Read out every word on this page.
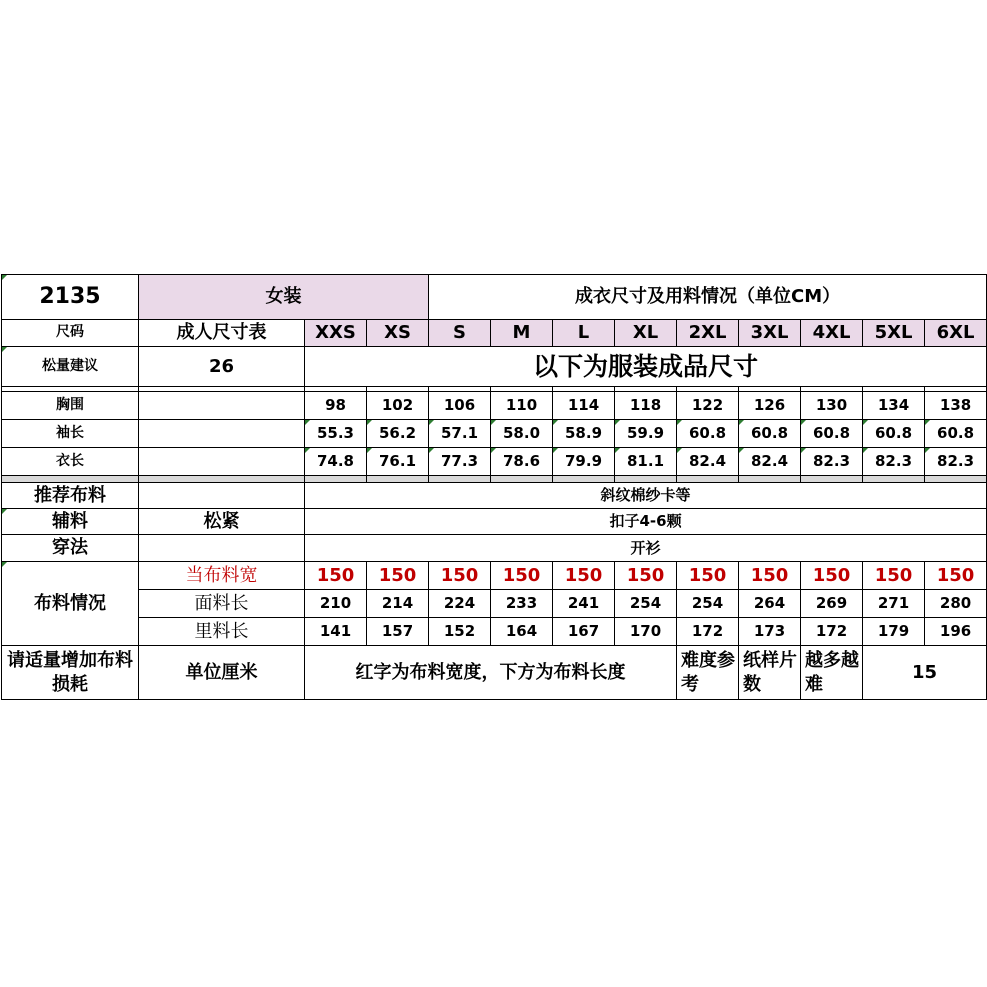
2135	女装			成衣尺寸及用料情况（单位CM）								
尺码	成人尺寸表	XXS	XS	S	M	L	XL	2XL	3XL	4XL	5XL	6XL
松量建议	26	以下为服装成品尺寸										

胸围		98	102	106	110	114	118	122	126	130	134	138
袖长		55.3	56.2	57.1	58.0	58.9	59.9	60.8	60.8	60.8	60.8	60.8
衣长		74.8	76.1	77.3	78.6	79.9	81.1	82.4	82.4	82.3	82.3	82.3

推荐布料		斜纹棉纱卡等										
辅料	松紧	扣子4-6颗										
穿法		开衫										
布料情况	当布料宽	150	150	150	150	150	150	150	150	150	150	150
	面料长	210	214	224	233	241	254	254	264	269	271	280
	里料长	141	157	152	164	167	170	172	173	172	179	196
请适量增加布料损耗	单位厘米	红字为布料宽度，下方为布料长度						难度参考	纸样片数	越多越难	15	
